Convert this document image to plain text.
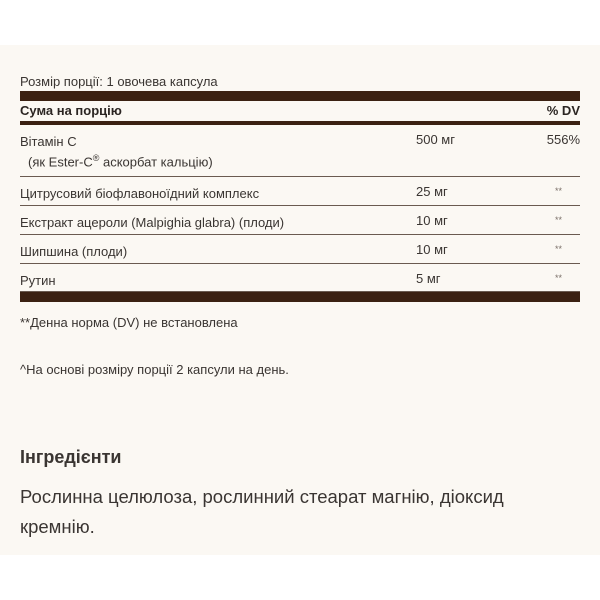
Розмір порції: 1 овочева капсула
Сума на порцію	% DV
Вітамін C
(як Ester-C® аскорбат кальцію)
500 мг	556%
Цитрусовий біофлавоноїдний комплекс	25 мг	**
Екстракт ацероли (Malpighia glabra) (плоди)	10 мг	**
Шипшина (плоди)	10 мг	**
Рутин	5 мг	**
**Денна норма (DV) не встановлена
^На основі розміру порції 2 капсули на день.
Інгредієнти
Рослинна целюлоза, рослинний стеарат магнію, діоксид кремнію.
